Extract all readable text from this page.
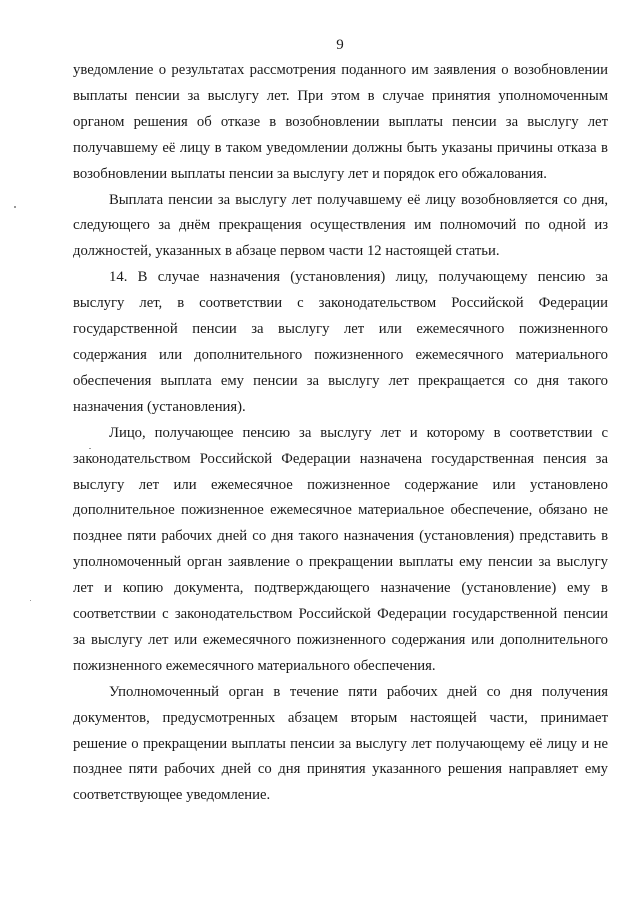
9

уведомление о результатах рассмотрения поданного им заявления о возобновлении выплаты пенсии за выслугу лет. При этом в случае принятия уполномоченным органом решения об отказе в возобновлении выплаты пенсии за выслугу лет получавшему её лицу в таком уведомлении должны быть указаны причины отказа в возобновлении выплаты пенсии за выслугу лет и порядок его обжалования.

Выплата пенсии за выслугу лет получавшему её лицу возобновляется со дня, следующего за днём прекращения осуществления им полномочий по одной из должностей, указанных в абзаце первом части 12 настоящей статьи.

14. В случае назначения (установления) лицу, получающему пенсию за выслугу лет, в соответствии с законодательством Российской Федерации государственной пенсии за выслугу лет или ежемесячного пожизненного содержания или дополнительного пожизненного ежемесячного материального обеспечения выплата ему пенсии за выслугу лет прекращается со дня такого назначения (установления).

Лицо, получающее пенсию за выслугу лет и которому в соответствии с законодательством Российской Федерации назначена государственная пенсия за выслугу лет или ежемесячное пожизненное содержание или установлено дополнительное пожизненное ежемесячное материальное обеспечение, обязано не позднее пяти рабочих дней со дня такого назначения (установления) представить в уполномоченный орган заявление о прекращении выплаты ему пенсии за выслугу лет и копию документа, подтверждающего назначение (установление) ему в соответствии с законодательством Российской Федерации государственной пенсии за выслугу лет или ежемесячного пожизненного содержания или дополнительного пожизненного ежемесячного материального обеспечения.

Уполномоченный орган в течение пяти рабочих дней со дня получения документов, предусмотренных абзацем вторым настоящей части, принимает решение о прекращении выплаты пенсии за выслугу лет получающему её лицу и не позднее пяти рабочих дней со дня принятия указанного решения направляет ему соответствующее уведомление.
